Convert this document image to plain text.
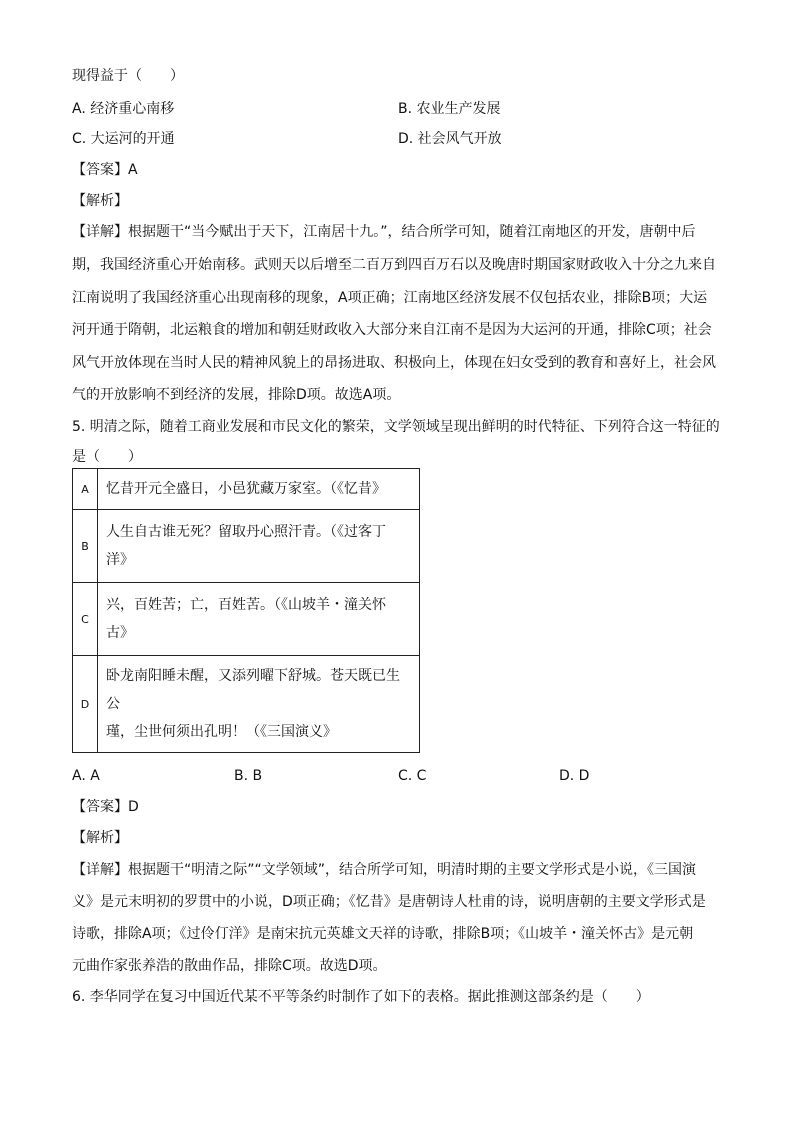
现得益于（　　）
A. 经济重心南移	B. 农业生产发展
C. 大运河的开通	D. 社会风气开放
【答案】A
【解析】
【详解】根据题干“当今赋出于天下，江南居十九。”，结合所学可知，随着江南地区的开发，唐朝中后
期，我国经济重心开始南移。武则天以后增至二百万到四百万石以及晚唐时期国家财政收入十分之九来自
江南说明了我国经济重心出现南移的现象，A项正确；江南地区经济发展不仅包括农业，排除B项；大运
河开通于隋朝，北运粮食的增加和朝廷财政收入大部分来自江南不是因为大运河的开通，排除C项；社会
风气开放体现在当时人民的精神风貌上的昂扬进取、积极向上，体现在妇女受到的教育和喜好上，社会风
气的开放影响不到经济的发展，排除D项。故选A项。
5. 明清之际，随着工商业发展和市民文化的繁荣，文学领域呈现出鲜明的时代特征、下列符合这一特征的
A	忆昔开元全盛日，小邑犹藏万家室。（《忆昔》

B	人生自古谁无死？留取丹心照汗青。（《过客丁
洋》

C	兴，百姓苦；亡，百姓苦。（《山坡羊・潼关怀
古》

D	卧龙南阳睡未醒，又添列曜下舒城。苍天既已生公
瑾，尘世何须出孔明！（《三国演义》
是（　　）
A. A	B. B	C. C	D. D
【答案】D
【解析】
【详解】根据题干“明清之际”“文学领域”，结合所学可知，明清时期的主要文学形式是小说，《三国演
义》是元末明初的罗贯中的小说，D项正确；《忆昔》是唐朝诗人杜甫的诗，说明唐朝的主要文学形式是
诗歌，排除A项；《过伶仃洋》是南宋抗元英雄文天祥的诗歌，排除B项；《山坡羊・潼关怀古》是元朝
元曲作家张养浩的散曲作品，排除C项。故选D项。
6. 李华同学在复习中国近代某不平等条约时制作了如下的表格。据此推测这部条约是（　　）
